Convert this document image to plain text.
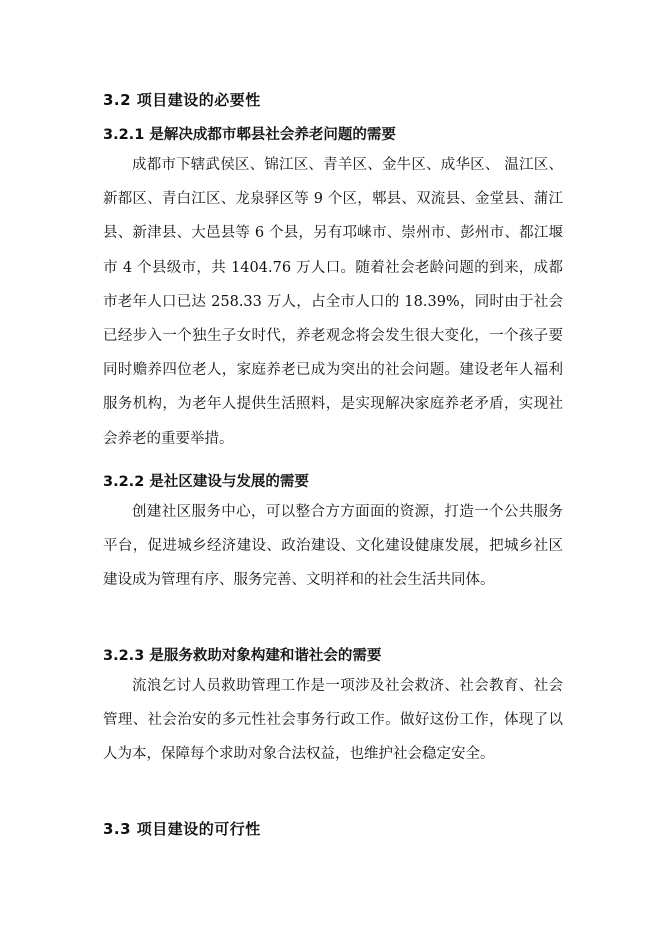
3.2 项目建设的必要性
3.2.1 是解决成都市郫县社会养老问题的需要

成都市下辖武侯区、锦江区、青羊区、金牛区、成华区、 温江区、新都区、青白江区、龙泉驿区等 9 个区，郫县、双流县、金堂县、蒲江县、新津县、大邑县等 6 个县，另有邛崃市、崇州市、彭州市、都江堰市 4 个县级市，共 1404.76 万人口。随着社会老龄问题的到来，成都市老年人口已达 258.33 万人，占全市人口的 18.39%，同时由于社会已经步入一个独生子女时代，养老观念将会发生很大变化，一个孩子要同时赡养四位老人，家庭养老已成为突出的社会问题。建设老年人福利服务机构，为老年人提供生活照料，是实现解决家庭养老矛盾，实现社会养老的重要举措。

3.2.2 是社区建设与发展的需要

创建社区服务中心，可以整合方方面面的资源，打造一个公共服务平台，促进城乡经济建设、政治建设、文化建设健康发展，把城乡社区建设成为管理有序、服务完善、文明祥和的社会生活共同体。

3.2.3 是服务救助对象构建和谐社会的需要

流浪乞讨人员救助管理工作是一项涉及社会救济、社会教育、社会管理、社会治安的多元性社会事务行政工作。做好这份工作，体现了以人为本，保障每个求助对象合法权益，也维护社会稳定安全。

3.3 项目建设的可行性
